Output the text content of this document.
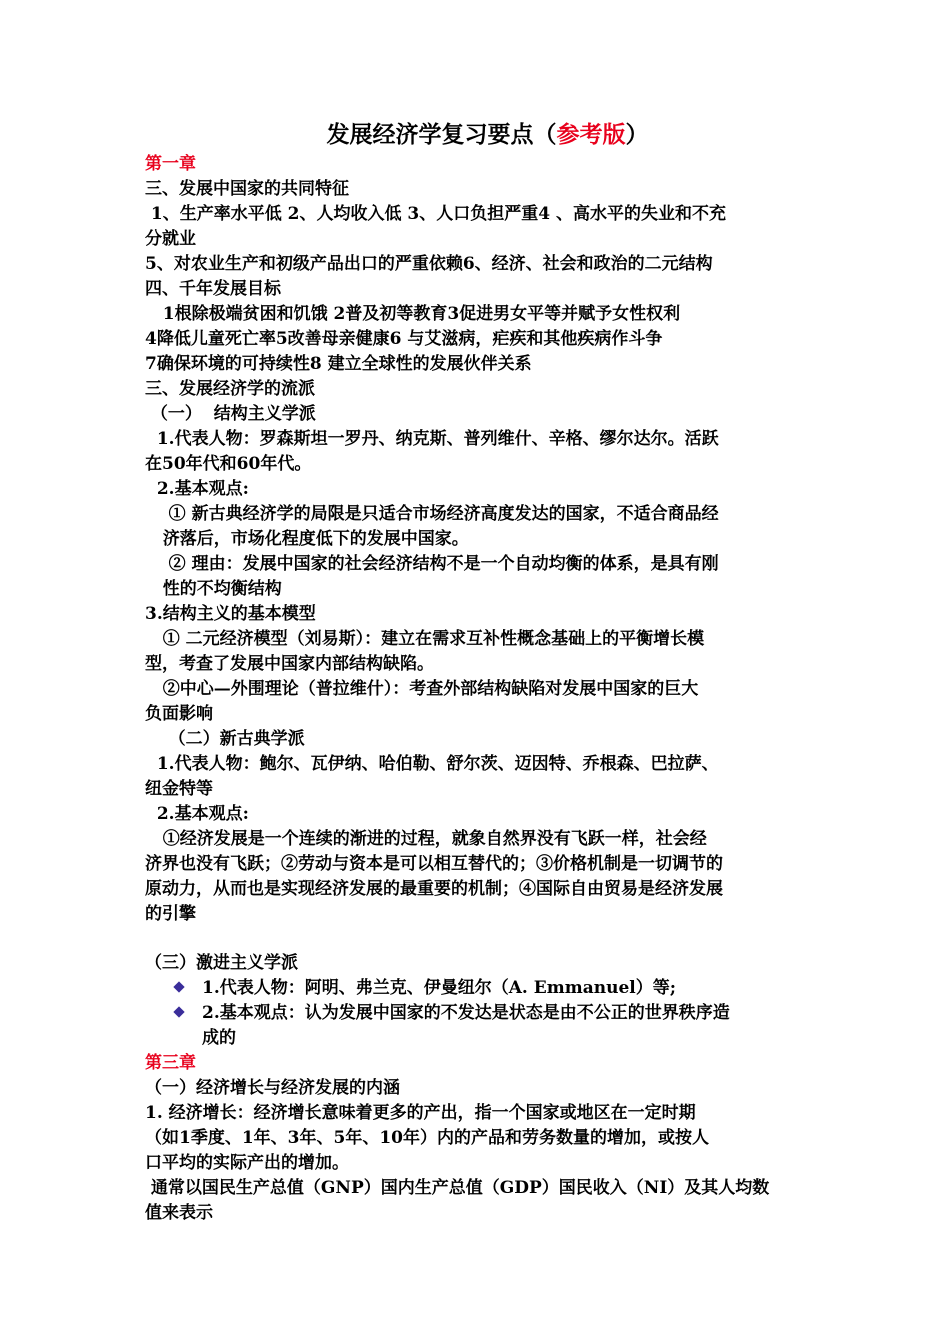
发展经济学复习要点（参考版）

第一章

三、发展中国家的共同特征

1、生产率水平低 2、人均收入低 3、人口负担严重4 、高水平的失业和不充

分就业

5、对农业生产和初级产品出口的严重依赖6、经济、社会和政治的二元结构

四、千年发展目标

1根除极端贫困和饥饿 2普及初等教育3促进男女平等并赋予女性权利

4降低儿童死亡率5改善母亲健康6 与艾滋病，疟疾和其他疾病作斗争

7确保环境的可持续性8 建立全球性的发展伙伴关系

三、发展经济学的流派

（一）  结构主义学派

1.代表人物：罗森斯坦一罗丹、纳克斯、普列维什、辛格、缪尔达尔。活跃

在50年代和60年代。

2.基本观点:

① 新古典经济学的局限是只适合市场经济高度发达的国家，不适合商品经

济落后，市场化程度低下的发展中国家。

② 理由：发展中国家的社会经济结构不是一个自动均衡的体系，是具有刚

性的不均衡结构

3.结构主义的基本模型

① 二元经济模型（刘易斯）：建立在需求互补性概念基础上的平衡增长模

型，考查了发展中国家内部结构缺陷。

②中心—外围理论（普拉维什）：考查外部结构缺陷对发展中国家的巨大

负面影响

（二）新古典学派

1.代表人物：鲍尔、瓦伊纳、哈伯勒、舒尔茨、迈因特、乔根森、巴拉萨、

纽金特等

2.基本观点:

①经济发展是一个连续的渐进的过程，就象自然界没有飞跃一样，社会经

济界也没有飞跃；②劳动与资本是可以相互替代的；③价格机制是一切调节的

原动力，从而也是实现经济发展的最重要的机制；④国际自由贸易是经济发展

的引擎

（三）激进主义学派

1.代表人物：阿明、弗兰克、伊曼纽尔（A. Emmanuel）等;

2.基本观点：认为发展中国家的不发达是状态是由不公正的世界秩序造

成的

第三章

（一）经济增长与经济发展的内涵

1. 经济增长：经济增长意味着更多的产出，指一个国家或地区在一定时期

（如1季度、1年、3年、5年、10年）内的产品和劳务数量的增加，或按人

口平均的实际产出的增加。

通常以国民生产总值（GNP）国内生产总值（GDP）国民收入（NI）及其人均数

值来表示
